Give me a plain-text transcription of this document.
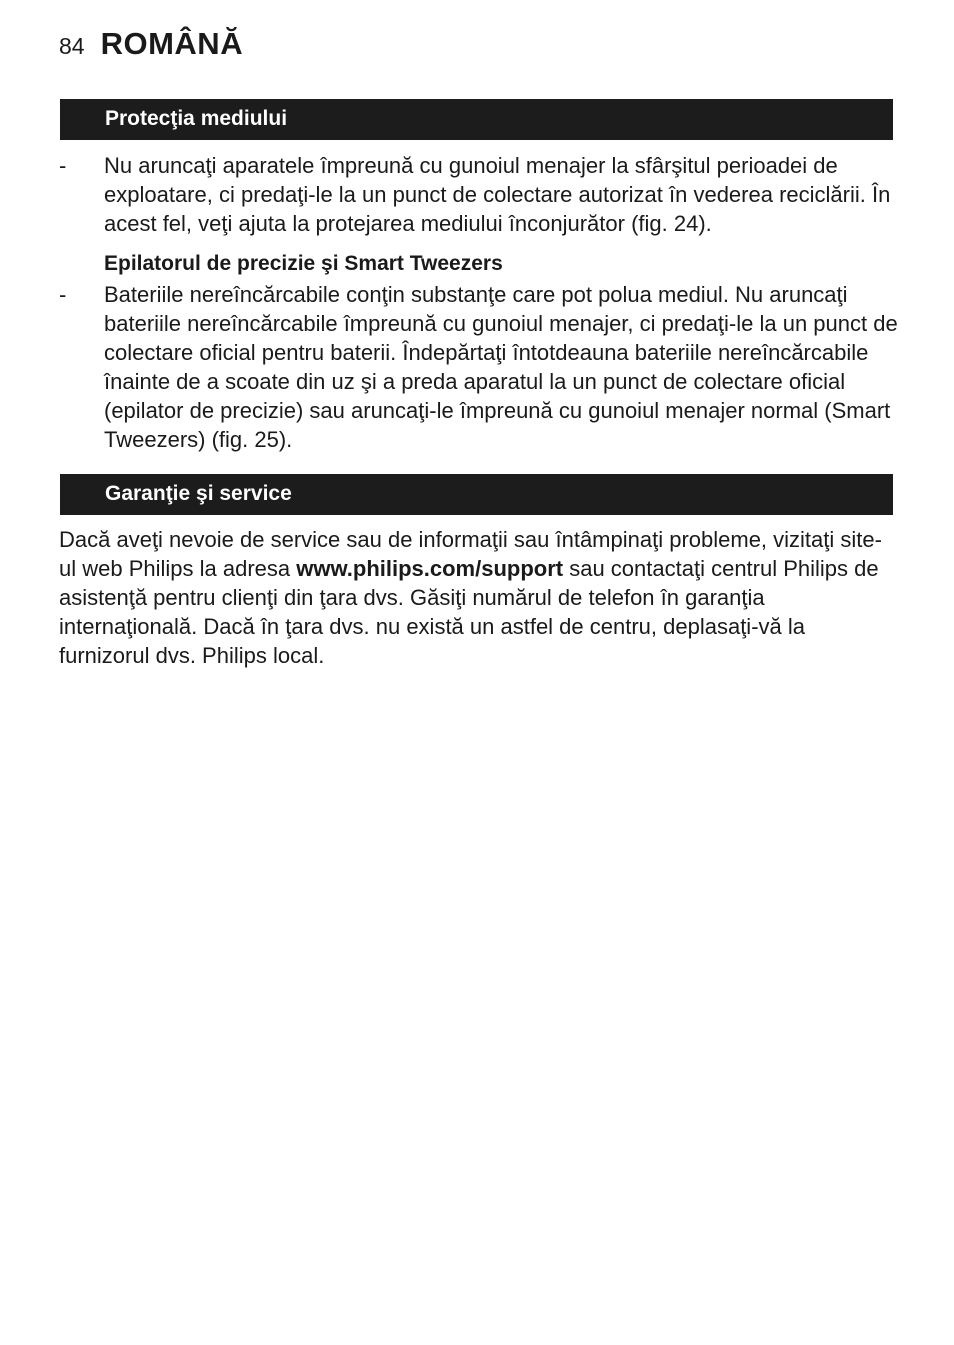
84 ROMÂNĂ
Protecţia mediului
- Nu aruncaţi aparatele împreună cu gunoiul menajer la sfârşitul perioadei de exploatare, ci predaţi-le la un punct de colectare autorizat în vederea reciclării. În acest fel, veţi ajuta la protejarea mediului înconjurător (fig. 24).
Epilatorul de precizie şi Smart Tweezers
- Bateriile nereîncărcabile conţin substanţe care pot polua mediul. Nu aruncaţi bateriile nereîncărcabile împreună cu gunoiul menajer, ci predaţi-le la un punct de colectare oficial pentru baterii. Îndepărtaţi întotdeauna bateriile nereîncărcabile înainte de a scoate din uz şi a preda aparatul la un punct de colectare oficial (epilator de precizie) sau aruncaţi-le împreună cu gunoiul menajer normal (Smart Tweezers) (fig. 25).
Garanţie şi service
Dacă aveţi nevoie de service sau de informaţii sau întâmpinaţi probleme, vizitaţi site-ul web Philips la adresa www.philips.com/support sau contactaţi centrul Philips de asistenţă pentru clienţi din ţara dvs. Găsiţi numărul de telefon în garanţia internaţională. Dacă în ţara dvs. nu există un astfel de centru, deplasaţi-vă la furnizorul dvs. Philips local.
